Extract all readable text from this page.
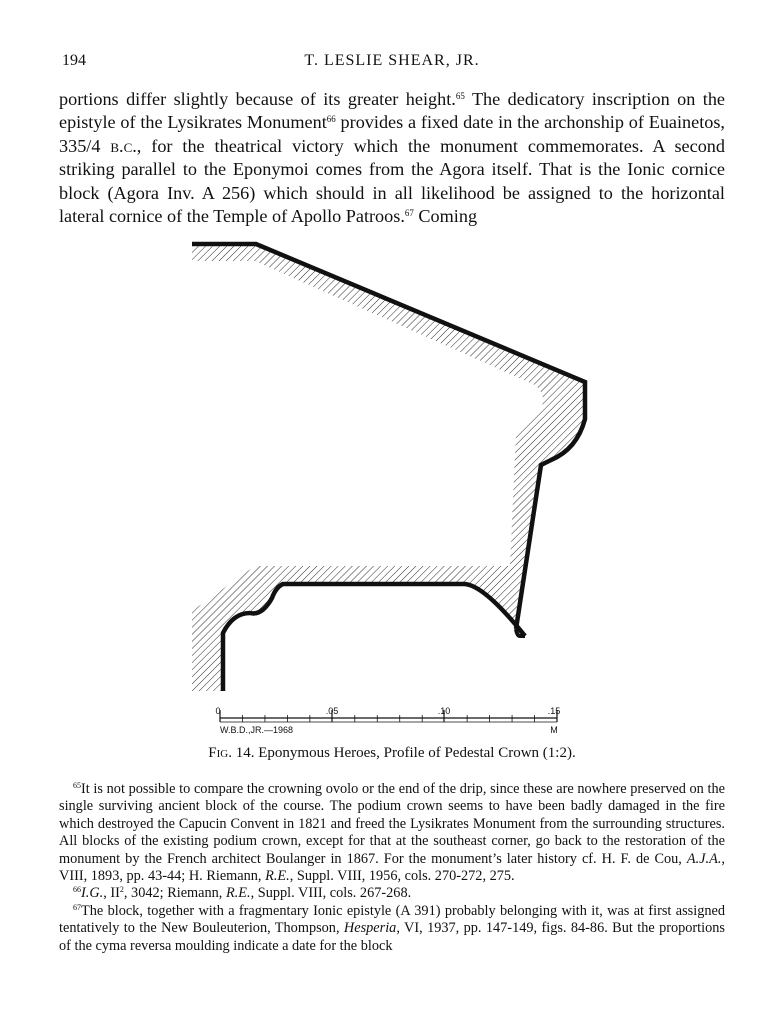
194	T. LESLIE SHEAR, JR.

portions differ slightly because of its greater height.$^{65}$ The dedicatory inscription on the epistyle of the Lysikrates Monument$^{66}$ provides a fixed date in the archonship of Euainetos, 335/4 b.c., for the theatrical victory which the monument commemorates. A second striking parallel to the Eponymoi comes from the Agora itself. That is the Ionic cornice block (Agora Inv. A 256) which should in all likelihood be assigned to the horizontal lateral cornice of the Temple of Apollo Patroos.$^{67}$ Coming

0	.05	.10	.15
W.B.D.,JR.—1968	M
Fig. 14. Eponymous Heroes, Profile of Pedestal Crown (1:2).

$^{65}$It is not possible to compare the crowning ovolo or the end of the drip, since these are nowhere preserved on the single surviving ancient block of the course. The podium crown seems to have been badly damaged in the fire which destroyed the Capucin Convent in 1821 and freed the Lysikrates Monument from the surrounding structures. All blocks of the existing podium crown, except for that at the southeast corner, go back to the restoration of the monument by the French architect Boulanger in 1867. For the monument’s later history cf. H. F. de Cou, A.J.A., VIII, 1893, pp. 43-44; H. Riemann, R.E., Suppl. VIII, 1956, cols. 270-272, 275.

$^{66}$I.G., $II^2$, 3042; Riemann, R.E., Suppl. VIII, cols. 267-268.

$^{67}$The block, together with a fragmentary Ionic epistyle (A 391) probably belonging with it, was at first assigned tentatively to the New Bouleuterion, Thompson, Hesperia, VI, 1937, pp. 147-149, figs. 84-86. But the proportions of the cyma reversa moulding indicate a date for the block
